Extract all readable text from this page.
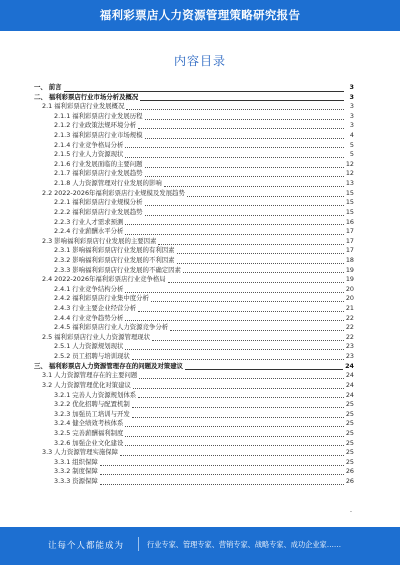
福利彩票店人力资源管理策略研究报告
内容目录
一、 前言	3
二、 福利彩票店行业市场分析及概况	3
2.1 福利彩票店行业发展概况	3
2.1.1 福利彩票店行业发展历程	3
2.1.2 行业政策法规环境分析	3
2.1.3 福利彩票店行业市场规模	4
2.1.4 行业竞争格局分析	5
2.1.5 行业人力资源现状	5
2.1.6 行业发展面临的主要问题	12
2.1.7 福利彩票店行业发展趋势	12
2.1.8 人力资源管理对行业发展的影响	13
2.2 2022-2026年福利彩票店行业规模及发展趋势	15
2.2.1 福利彩票店行业规模分析	15
2.2.2 福利彩票店行业发展趋势	15
2.2.3 行业人才需求预测	16
2.2.4 行业薪酬水平分析	17
2.3 影响福利彩票店行业发展的主要因素	17
2.3.1 影响福利彩票店行业发展的有利因素	17
2.3.2 影响福利彩票店行业发展的不利因素	18
2.3.3 影响福利彩票店行业发展的不确定因素	19
2.4 2022-2026年福利彩票店行业竞争格局	19
2.4.1 行业竞争结构分析	20
2.4.2 福利彩票店行业集中度分析	20
2.4.3 行业主要企业经营分析	21
2.4.4 行业竞争趋势分析	22
2.4.5 福利彩票店行业人力资源竞争分析	22
2.5 福利彩票店行业人力资源管理现状	22
2.5.1 人力资源规划现状	23
2.5.2 员工招聘与培训现状	23
三、 福利彩票店人力资源管理存在的问题及对策建议	24
3.1 人力资源管理存在的主要问题	24
3.2 人力资源管理优化对策建议	24
3.2.1 完善人力资源规划体系	24
3.2.2 优化招聘与配置机制	25
3.2.3 加强员工培训与开发	25
3.2.4 健全绩效考核体系	25
3.2.5 完善薪酬福利制度	25
3.2.6 加强企业文化建设	25
3.3 人力资源管理实施保障	25
3.3.1 组织保障	25
3.3.2 制度保障	26
3.3.3 资源保障	26
-
让每个人都能成为	行业专家、管理专家、营销专家、战略专家、成功企业家……
